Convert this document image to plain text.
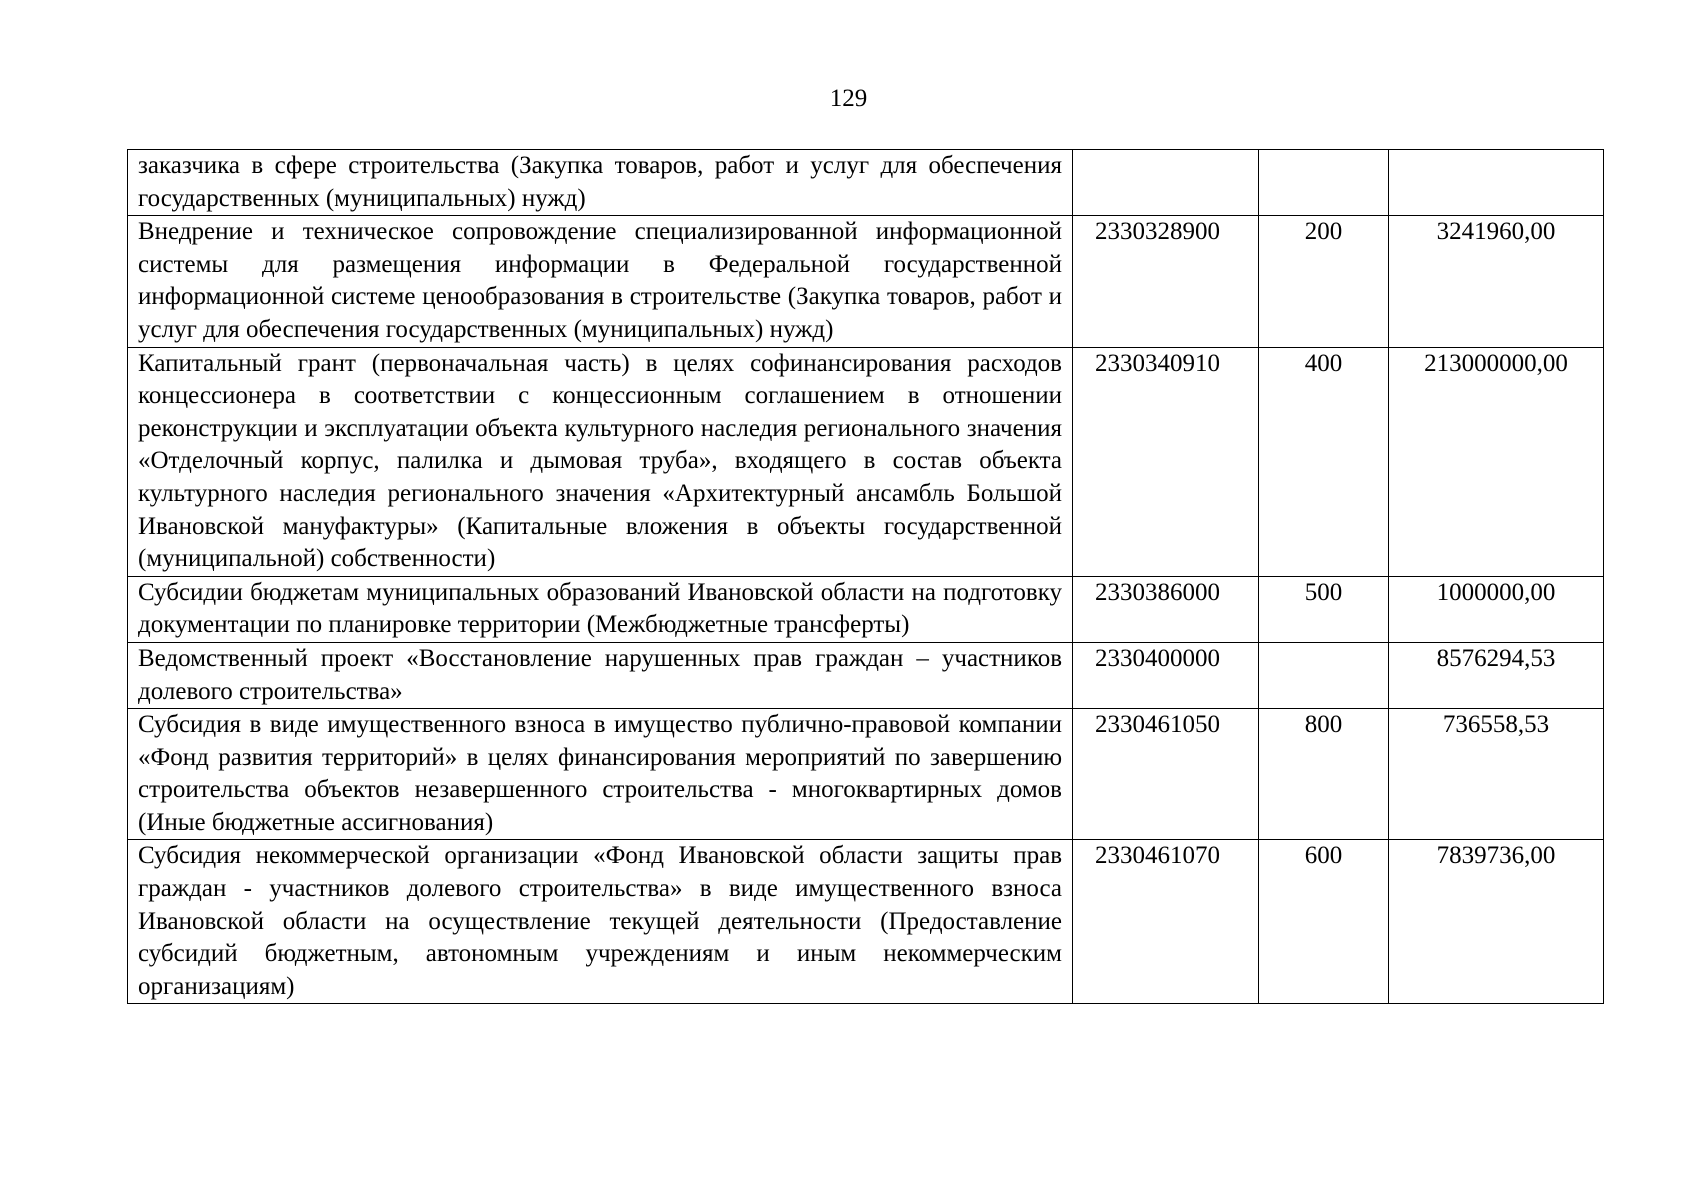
129
заказчика в сфере строительства (Закупка товаров, работ и услуг для обеспечения государственных (муниципальных) нужд)			
Внедрение и техническое сопровождение специализированной информационной системы для размещения информации в Федеральной государственной информационной системе ценообразования в строительстве (Закупка товаров, работ и услуг для обеспечения государственных (муниципальных) нужд)	2330328900	200	3241960,00
Капитальный грант (первоначальная часть) в целях софинансирования расходов концессионера в соответствии с концессионным соглашением в отношении реконструкции и эксплуатации объекта культурного наследия регионального значения «Отделочный корпус, палилка и дымовая труба», входящего в состав объекта культурного наследия регионального значения «Архитектурный ансамбль Большой Ивановской мануфактуры» (Капитальные вложения в объекты государственной (муниципальной) собственности)	2330340910	400	213000000,00
Субсидии бюджетам муниципальных образований Ивановской области на подготовку документации по планировке территории (Межбюджетные трансферты)	2330386000	500	1000000,00
Ведомственный проект «Восстановление нарушенных прав граждан – участников долевого строительства»	2330400000		8576294,53
Субсидия в виде имущественного взноса в имущество публично-правовой компании «Фонд развития территорий» в целях финансирования мероприятий по завершению строительства объектов незавершенного строительства - многоквартирных домов (Иные бюджетные ассигнования)	2330461050	800	736558,53
Субсидия некоммерческой организации «Фонд Ивановской области защиты прав граждан - участников долевого строительства» в виде имущественного взноса Ивановской области на осуществление текущей деятельности (Предоставление субсидий бюджетным, автономным учреждениям и иным некоммерческим организациям)	2330461070	600	7839736,00
